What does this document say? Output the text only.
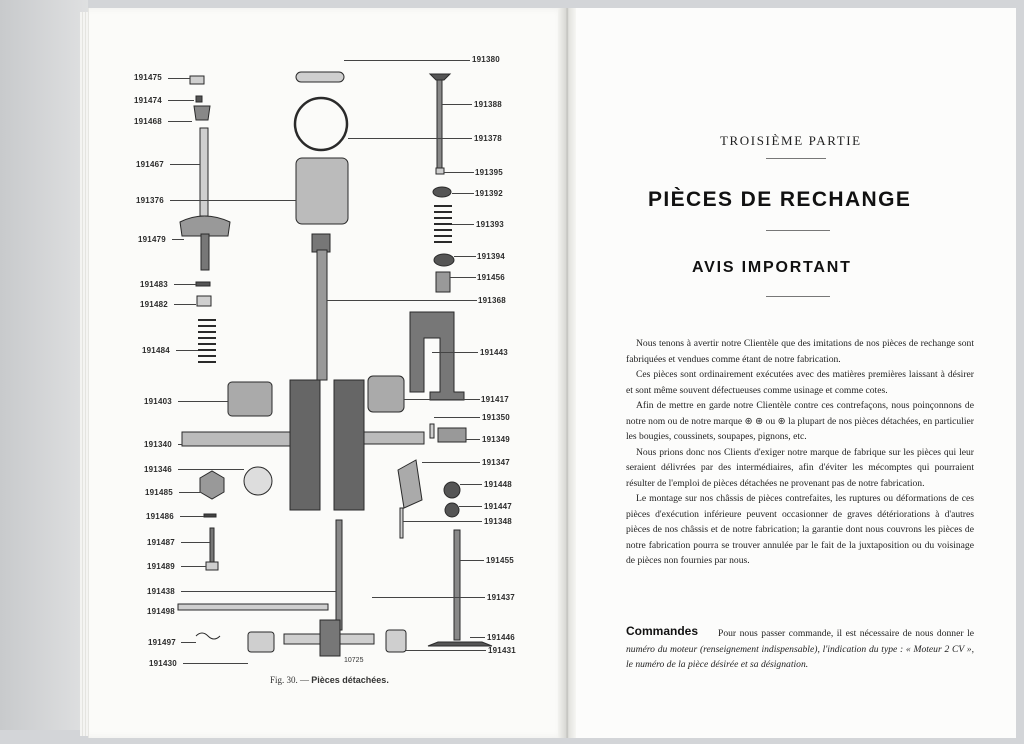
191475
191474
191468
191467
191376
191479
191483
191482
191484
191403
191340
191346
191485
191486
191487
191489
191438
191498
191497
191430
191380
191388
191378
191395
191392
191393
191394
191456
191368
191443
191417
191350
191349
191347
191448
191447
191348
191455
191437
191446
191431
10725
Fig. 30. — Pièces détachées.
TROISIÈME PARTIE
PIÈCES DE RECHANGE
AVIS IMPORTANT

Nous tenons à avertir notre Clientèle que des imitations de nos pièces de rechange sont fabriquées et vendues comme étant de notre fabrication.

Ces pièces sont ordinairement exécutées avec des matières premières laissant à désirer et sont même souvent défectueuses comme usinage et comme cotes.

Afin de mettre en garde notre Clientèle contre ces contrefaçons, nous poinçonnons de notre nom ou de notre marque ⊛ ⊛ ou ⊛ la plupart de nos pièces détachées, en particulier les bougies, coussinets, soupapes, pignons, etc.

Nous prions donc nos Clients d'exiger notre marque de fabrique sur les pièces qui leur seraient délivrées par des intermédiaires, afin d'éviter les mécomptes qui pourraient résulter de l'emploi de pièces détachées ne provenant pas de notre fabrication.

Le montage sur nos châssis de pièces contrefaites, les ruptures ou déformations de ces pièces d'exécution inférieure peuvent occasionner de graves détériorations à d'autres pièces de nos châssis et de notre fabrication; la garantie dont nous couvrons les pièces de notre fabrication pourra se trouver annulée par le fait de la juxtaposition ou du voisinage de pièces non fournies par nous.

Pour nous passer commande, il est nécessaire de nous donner le numéro du moteur (renseignement indispensable), l'indication du type : « Moteur 2 CV », le numéro de la pièce désirée et sa désignation.
Commandes
